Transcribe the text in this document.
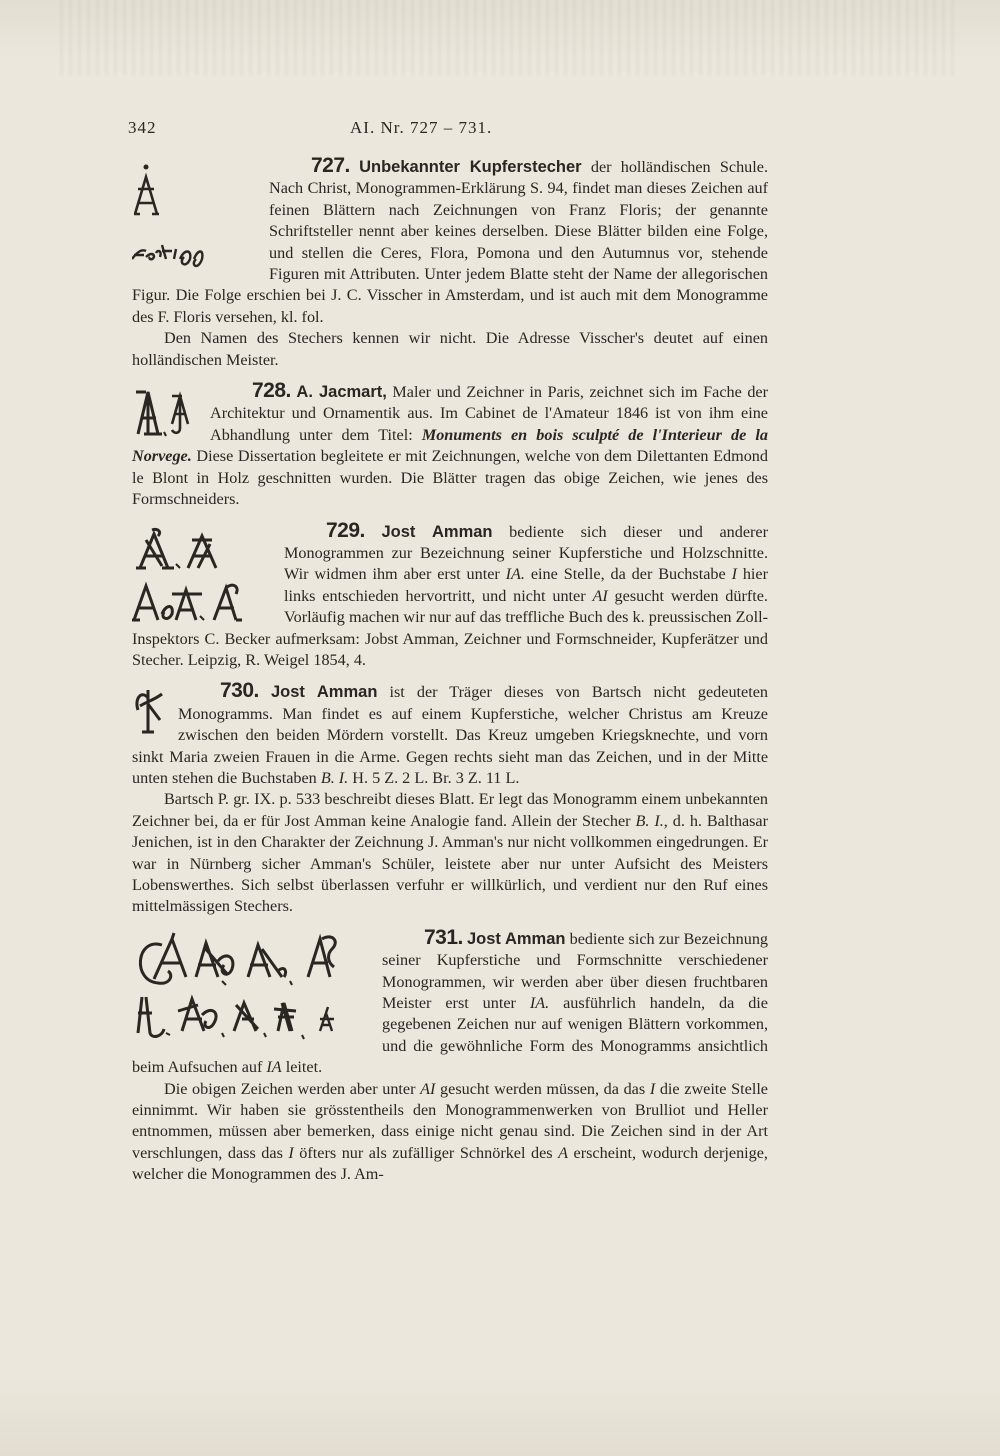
342	AI. Nr. 727 – 731.

727. Unbekannter Kupferstecher der holländischen Schule. Nach Christ, Monogrammen-Erklärung S. 94, findet man dieses Zeichen auf feinen Blättern nach Zeichnungen von Franz Floris; der genannte Schriftsteller nennt aber keines derselben. Diese Blätter bilden eine Folge, und stellen die Ceres, Flora, Pomona und den Autumnus vor, stehende Figuren mit Attributen. Unter jedem Blatte steht der Name der allegorischen Figur. Die Folge erschien bei J. C. Visscher in Amsterdam, und ist auch mit dem Monogramme des F. Floris versehen, kl. fol.

Den Namen des Stechers kennen wir nicht. Die Adresse Visscher's deutet auf einen holländischen Meister.

728. A. Jacmart, Maler und Zeichner in Paris, zeichnet sich im Fache der Architektur und Ornamentik aus. Im Cabinet de l'Amateur 1846 ist von ihm eine Abhandlung unter dem Titel: Monuments en bois sculpté de l'Interieur de la Norvege. Diese Dissertation begleitete er mit Zeichnungen, welche von dem Dilettanten Edmond le Blont in Holz geschnitten wurden. Die Blätter tragen das obige Zeichen, wie jenes des Formschneiders.

729. Jost Amman bediente sich dieser und anderer Monogrammen zur Bezeichnung seiner Kupferstiche und Holzschnitte. Wir widmen ihm aber erst unter IA. eine Stelle, da der Buchstabe I hier links entschieden hervortritt, und nicht unter AI gesucht werden dürfte. Vorläufig machen wir nur auf das treffliche Buch des k. preussischen Zoll-Inspektors C. Becker aufmerksam: Jobst Amman, Zeichner und Formschneider, Kupferätzer und Stecher. Leipzig, R. Weigel 1854, 4.

730. Jost Amman ist der Träger dieses von Bartsch nicht gedeuteten Monogramms. Man findet es auf einem Kupferstiche, welcher Christus am Kreuze zwischen den beiden Mördern vorstellt. Das Kreuz umgeben Kriegsknechte, und vorn sinkt Maria zweien Frauen in die Arme. Gegen rechts sieht man das Zeichen, und in der Mitte unten stehen die Buchstaben B. I. H. 5 Z. 2 L. Br. 3 Z. 11 L.

Bartsch P. gr. IX. p. 533 beschreibt dieses Blatt. Er legt das Monogramm einem unbekannten Zeichner bei, da er für Jost Amman keine Analogie fand. Allein der Stecher B. I., d. h. Balthasar Jenichen, ist in den Charakter der Zeichnung J. Amman's nur nicht vollkommen eingedrungen. Er war in Nürnberg sicher Amman's Schüler, leistete aber nur unter Aufsicht des Meisters Lobenswerthes. Sich selbst überlassen verfuhr er willkürlich, und verdient nur den Ruf eines mittelmässigen Stechers.

731. Jost Amman bediente sich zur Bezeichnung seiner Kupferstiche und Formschnitte verschiedener Monogrammen, wir werden aber über diesen fruchtbaren Meister erst unter IA. ausführlich handeln, da die gegebenen Zeichen nur auf wenigen Blättern vorkommen, und die gewöhnliche Form des Monogramms ansichtlich beim Aufsuchen auf IA leitet.

Die obigen Zeichen werden aber unter AI gesucht werden müssen, da das I die zweite Stelle einnimmt. Wir haben sie grösstentheils den Monogrammenwerken von Brulliot und Heller entnommen, müssen aber bemerken, dass einige nicht genau sind. Die Zeichen sind in der Art verschlungen, dass das I öfters nur als zufälliger Schnörkel des A erscheint, wodurch derjenige, welcher die Monogrammen des J. Am-
